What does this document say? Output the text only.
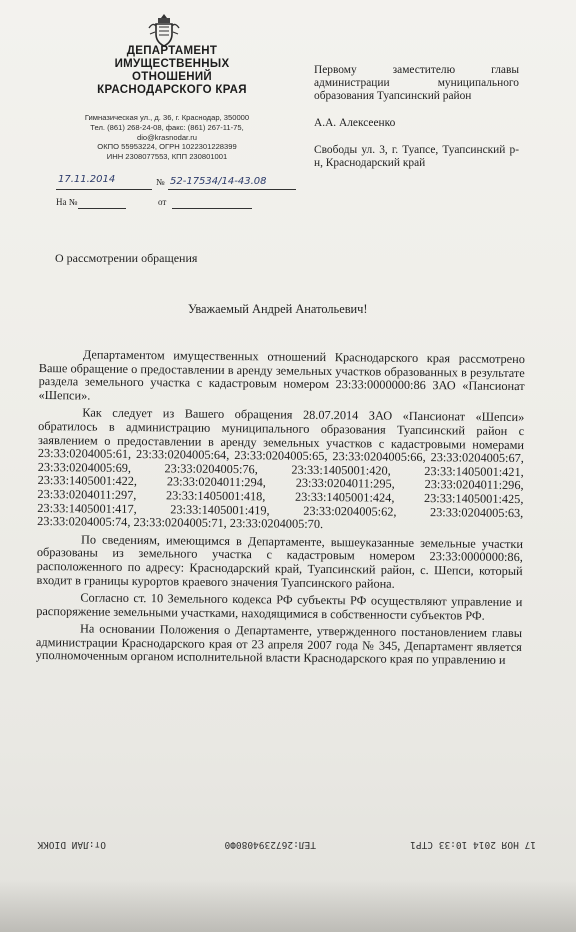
ДЕПАРТАМЕНТ
ИМУЩЕСТВЕННЫХ
ОТНОШЕНИЙ
КРАСНОДАРСКОГО КРАЯ
Гимназическая ул., д. 36, г. Краснодар, 350000
Тел. (861) 268-24-08, факс: (861) 267-11-75,
dio@krasnodar.ru
ОКПО 55953224, ОГРН 1022301228399
ИНН 2308077553, КПП 230801001
17.11.2014	№ 52-17534/14-43.08
На №	от

Первому заместителю главы администрации муниципального образования Туапсинский район

А.А. Алексеенко

Свободы ул. 3, г. Туапсе, Туапсинский р-н, Краснодарский край

О рассмотрении обращения
Уважаемый Андрей Анатольевич!

Департаментом имущественных отношений Краснодарского края рассмотрено Ваше обращение о предоставлении в аренду земельных участков образованных в результате раздела земельного участка с кадастровым номером 23:33:0000000:86 ЗАО «Пансионат «Шепси».

Как следует из Вашего обращения 28.07.2014 ЗАО «Пансионат «Шепси» обратилось в администрацию муниципального образования Туапсинский район с заявлением о предоставлении в аренду земельных участков с кадастровыми номерами 23:33:0204005:61, 23:33:0204005:64, 23:33:0204005:65, 23:33:0204005:66, 23:33:0204005:67, 23:33:0204005:69, 23:33:0204005:76, 23:33:1405001:420, 23:33:1405001:421, 23:33:1405001:422, 23:33:0204011:294, 23:33:0204011:295, 23:33:0204011:296, 23:33:0204011:297, 23:33:1405001:418, 23:33:1405001:424, 23:33:1405001:425, 23:33:1405001:417, 23:33:1405001:419, 23:33:0204005:62, 23:33:0204005:63, 23:33:0204005:74, 23:33:0204005:71, 23:33:0204005:70.

По сведениям, имеющимся в Департаменте, вышеуказанные земельные участки образованы из земельного участка с кадастровым номером 23:33:0000000:86, расположенного по адресу: Краснодарский край, Туапсинский район, с. Шепси, который входит в границы курортов краевого значения Туапсинского района.

Согласно ст. 10 Земельного кодекса РФ субъекты РФ осуществляют управление и распоряжение земельными участками, находящимися в собственности субъектов РФ.

На основании Положения о Департаменте, утвержденного постановлением главы администрации Краснодарского края от 23 апреля 2007 года № 345, Департамент является уполномоченным органом исполнительной власти Краснодарского края по управлению и

17 НОЯ 2014 10:33 СТР1
ТЕЛ:2672394080Ф0
От:ЛАИ DIOKK
